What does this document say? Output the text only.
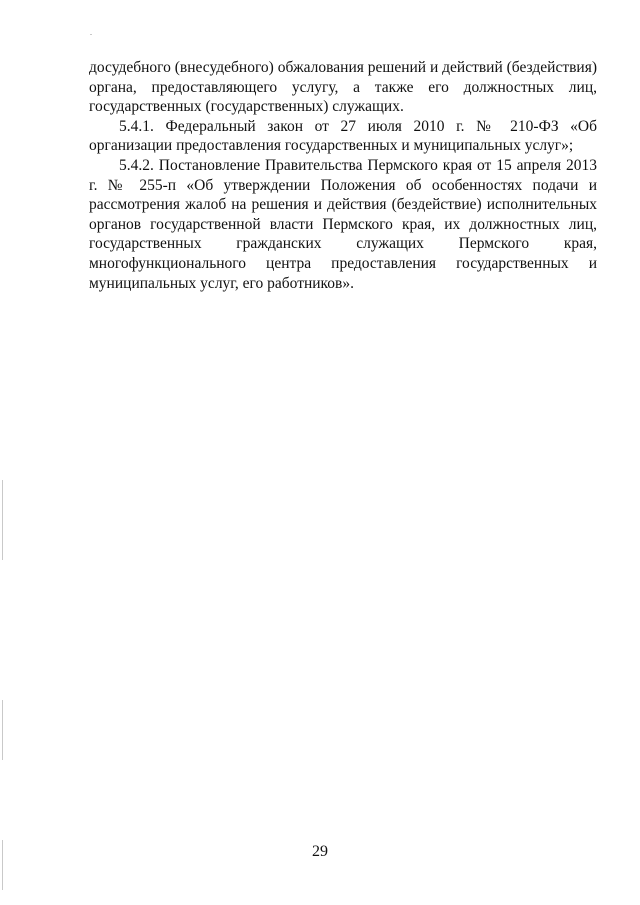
досудебного (внесудебного) обжалования решений и действий (бездействия) органа, предоставляющего услугу, а также его должностных лиц, государственных (государственных) служащих.

5.4.1. Федеральный закон от 27 июля 2010 г. № 210-ФЗ «Об организации предоставления государственных и муниципальных услуг»;

5.4.2. Постановление Правительства Пермского края от 15 апреля 2013 г. № 255-п «Об утверждении Положения об особенностях подачи и рассмотрения жалоб на решения и действия (бездействие) исполнительных органов государственной власти Пермского края, их должностных лиц, государственных гражданских служащих Пермского края, многофункционального центра предоставления государственных и муниципальных услуг, его работников».

29
